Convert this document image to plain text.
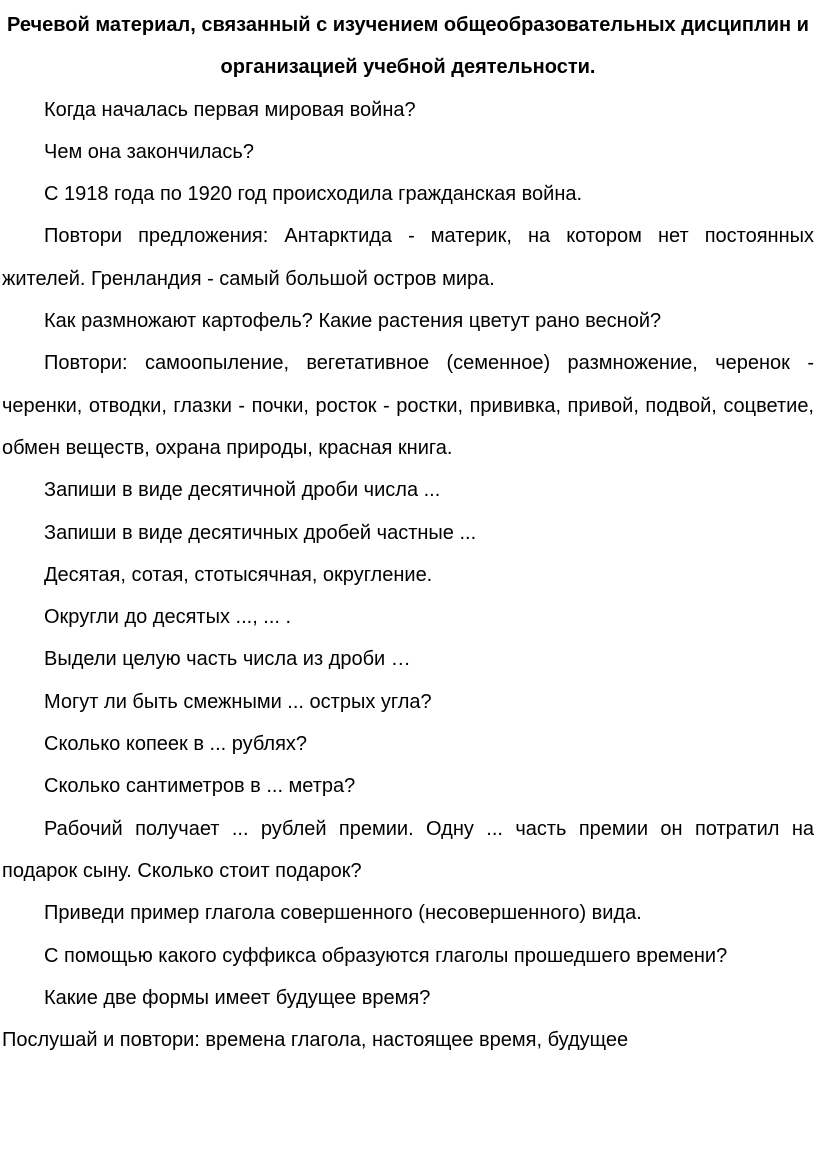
Речевой материал, связанный с изучением общеобразовательных дисциплин и организацией учебной деятельности.

Когда началась первая мировая война?

Чем она закончилась?

С 1918 года по 1920 год происходила гражданская война.

Повтори предложения: Антарктида - материк, на котором нет постоянных жителей. Гренландия - самый большой остров мира.

Как размножают картофель? Какие растения цветут рано весной?

Повтори: самоопыление, вегетативное (семенное) размножение, черенок - черенки, отводки, глазки - почки, росток - ростки, прививка, привой, подвой, соцветие, обмен веществ, охрана природы, красная книга.

Запиши в виде десятичной дроби числа ...

Запиши в виде десятичных дробей частные ...

Десятая, сотая, стотысячная, округление.

Округли до десятых ..., ... .

Выдели целую часть числа из дроби …

Могут ли быть смежными ... острых угла?

Сколько копеек в ... рублях?

Сколько сантиметров в ... метра?

Рабочий получает ... рублей премии. Одну ... часть премии он потратил на подарок сыну. Сколько стоит подарок?

Приведи пример глагола совершенного (несовершенного) вида.

С помощью какого суффикса образуются глаголы прошедшего времени?

Какие две формы имеет будущее время?

Послушай и повтори: времена глагола, настоящее время, будущее
